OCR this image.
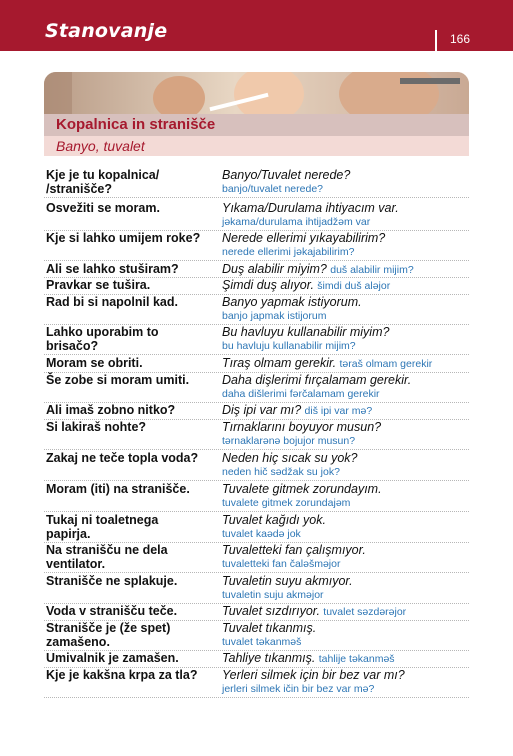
Stanovanje	166
Kopalnica in stranišče
Banyo, tuvalet
Kje je tu kopalnica/
/stranišče?
Banyo/Tuvalet nerede?
banjo/tuvalet nerede?
Osvežiti se moram.	Yıkama/Durulama ihtiyacım var.
jəkama/durulama ihtijadžəm var
Kje si lahko umijem roke?	Nerede ellerimi yıkayabilirim?
nerede ellerimi jəkajabilirim?
Ali se lahko stuširam?	Duş alabilir miyim? duš alabilir mijim?
Pravkar se tušira.	Şimdi duş alıyor. šimdi duš aləjor
Rad bi si napolnil kad.	Banyo yapmak istiyorum.
banjo japmak istijorum
Lahko uporabim to
brisačo?
Bu havluyu kullanabilir miyim?
bu havluju kullanabilir mijim?
Moram se obriti.	Tıraş olmam gerekir. təraš olmam gerekir
Še zobe si moram umiti.	Daha dişlerimi fırçalamam gerekir.
daha dišlerimi fərčalamam gerekir
Ali imaš zobno nitko?	Diş ipi var mı? diš ipi var mə?
Si lakiraš nohte?	Tırnaklarını boyuyor musun?
tərnaklarənə bojujor musun?
Zakaj ne teče topla voda?	Neden hiç sıcak su yok?
neden hič sədžak su jok?
Moram (iti) na stranišče.	Tuvalete gitmek zorundayım.
tuvalete gitmek zorundajəm
Tukaj ni toaletnega
papirja.
Tuvalet kağıdı yok.
tuvalet kaədə jok
Na stranišču ne dela
ventilator.
Tuvaletteki fan çalışmıyor.
tuvaletteki fan čaləšməjor
Stranišče ne splakuje.	Tuvaletin suyu akmıyor.
tuvaletin suju akməjor
Voda v stranišču teče.	Tuvalet sızdırıyor. tuvalet səzdərəjor
Stranišče je (že spet)
zamašeno.
Tuvalet tıkanmış.
tuvalet təkanməš
Umivalnik je zamašen.	Tahliye tıkanmış. tahlije təkanməš
Kje je kakšna krpa za tla?	Yerleri silmek için bir bez var mı?
jerleri silmek ičin bir bez var mə?
